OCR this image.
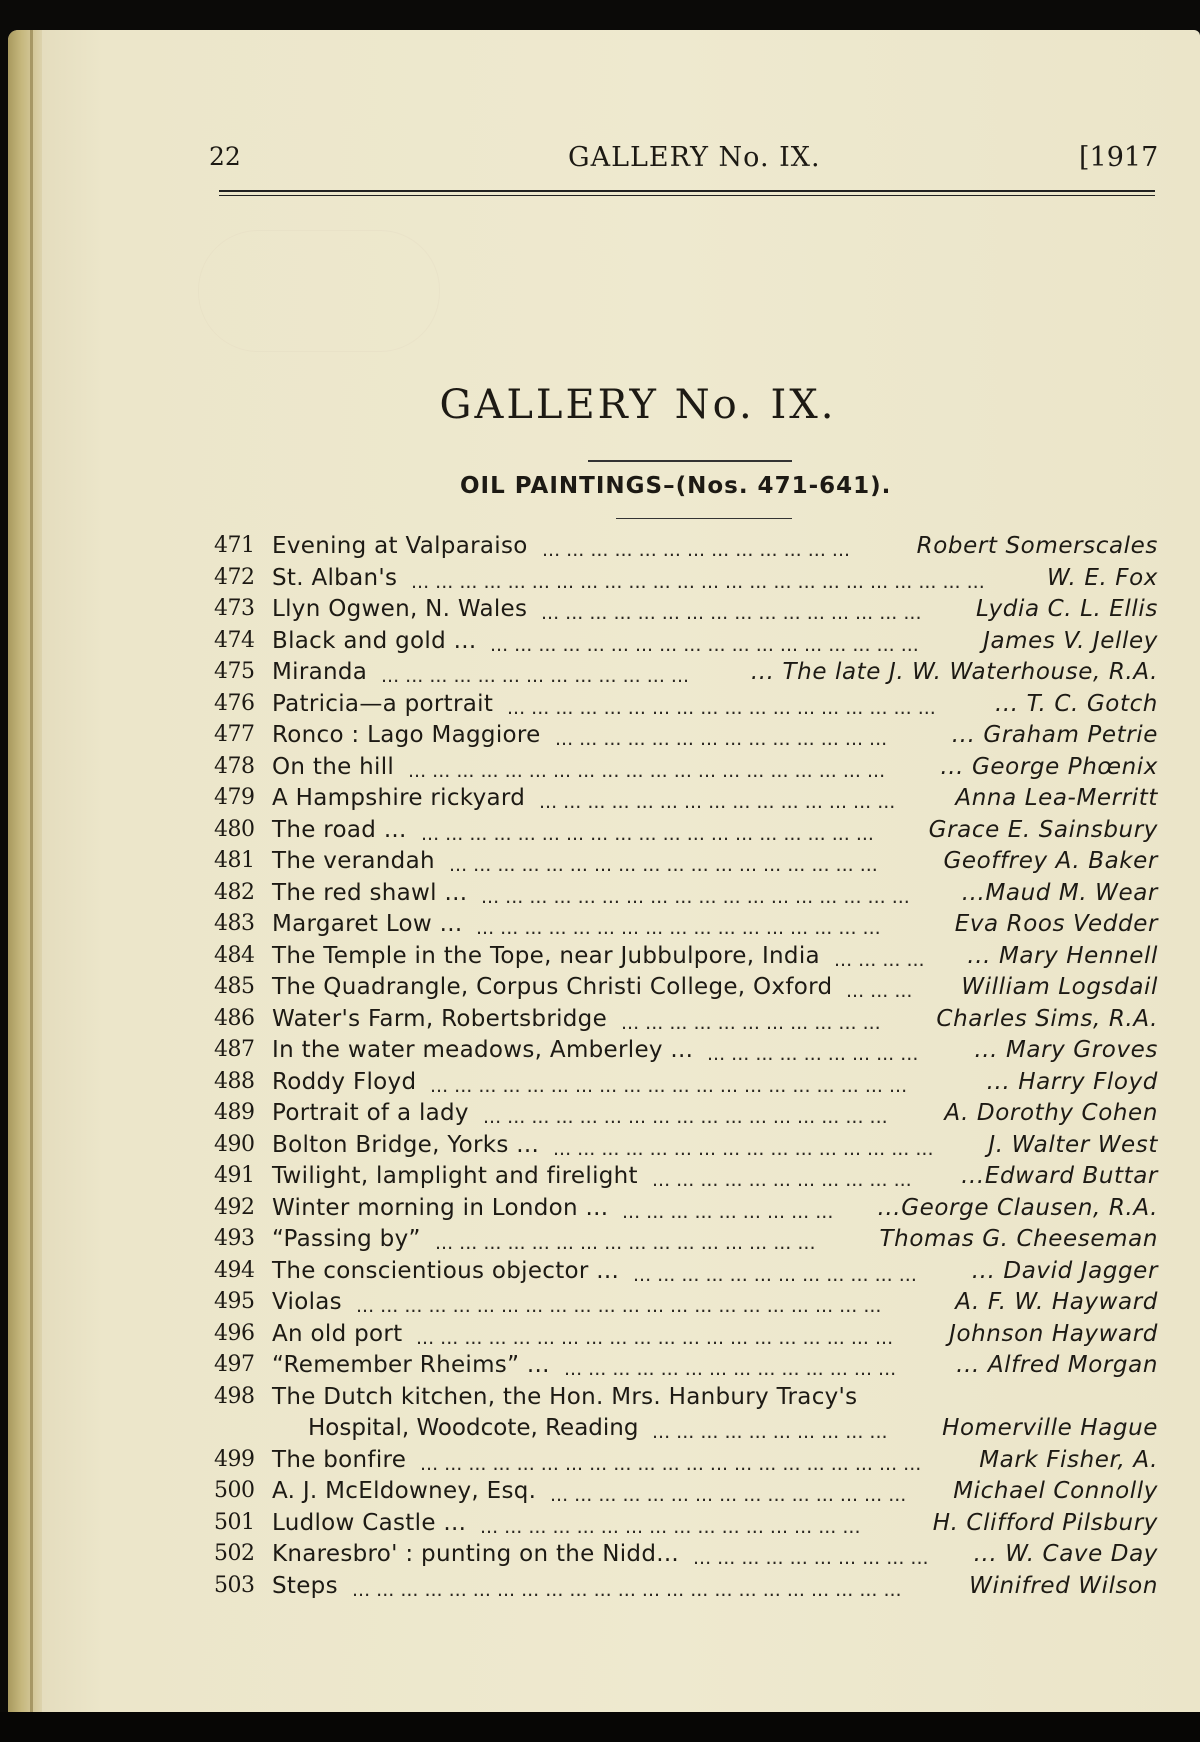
22	GALLERY No. IX.	[1917
GALLERY No. IX.
OIL PAINTINGS–(Nos. 471-641).
471 Evening at Valparaiso	Robert Somerscales
... ... ... ... ... ... ... ... ... ... ... ... ...
472 St. Alban's	W. E. Fox
... ... ... ... ... ... ... ... ... ... ... ... ... ... ... ... ... ... ... ... ... ... ... ...
473 Llyn Ogwen, N. Wales	Lydia C. L. Ellis
... ... ... ... ... ... ... ... ... ... ... ... ... ... ... ...
474 Black and gold ...	James V. Jelley
... ... ... ... ... ... ... ... ... ... ... ... ... ... ... ... ... ...
475 Miranda	... The late J. W. Waterhouse, R.A.
... ... ... ... ... ... ... ... ... ... ... ... ...
476 Patricia—a portrait	... T. C. Gotch
... ... ... ... ... ... ... ... ... ... ... ... ... ... ... ... ... ...
477 Ronco : Lago Maggiore	... Graham Petrie
... ... ... ... ... ... ... ... ... ... ... ... ... ...
478 On the hill	... George Phœnix
... ... ... ... ... ... ... ... ... ... ... ... ... ... ... ... ... ... ... ...
479 A Hampshire rickyard	Anna Lea-Merritt
... ... ... ... ... ... ... ... ... ... ... ... ... ... ...
480 The road ...	Grace E. Sainsbury
... ... ... ... ... ... ... ... ... ... ... ... ... ... ... ... ... ... ...
481 The verandah	Geoffrey A. Baker
... ... ... ... ... ... ... ... ... ... ... ... ... ... ... ... ... ...
482 The red shawl ...	...Maud M. Wear
... ... ... ... ... ... ... ... ... ... ... ... ... ... ... ... ... ...
483 Margaret Low ...	Eva Roos Vedder
... ... ... ... ... ... ... ... ... ... ... ... ... ... ... ... ...
484 The Temple in the Tope, near Jubbulpore, India	... Mary Hennell
... ... ... ...
485 The Quadrangle, Corpus Christi College, Oxford	William Logsdail
... ... ...
486 Water's Farm, Robertsbridge	Charles Sims, R.A.
... ... ... ... ... ... ... ... ... ... ...
487 In the water meadows, Amberley ...	... Mary Groves
... ... ... ... ... ... ... ... ...
488 Roddy Floyd	... Harry Floyd
... ... ... ... ... ... ... ... ... ... ... ... ... ... ... ... ... ... ... ...
489 Portrait of a lady	A. Dorothy Cohen
... ... ... ... ... ... ... ... ... ... ... ... ... ... ... ... ...
490 Bolton Bridge, Yorks ...	J. Walter West
... ... ... ... ... ... ... ... ... ... ... ... ... ... ... ...
491 Twilight, lamplight and firelight	...Edward Buttar
... ... ... ... ... ... ... ... ... ... ...
492 Winter morning in London ...	...George Clausen, R.A.
... ... ... ... ... ... ... ... ...
493 “Passing by”	Thomas G. Cheeseman
... ... ... ... ... ... ... ... ... ... ... ... ... ... ... ...
494 The conscientious objector ...	... David Jagger
... ... ... ... ... ... ... ... ... ... ... ...
495 Violas	A. F. W. Hayward
... ... ... ... ... ... ... ... ... ... ... ... ... ... ... ... ... ... ... ... ... ...
496 An old port	Johnson Hayward
... ... ... ... ... ... ... ... ... ... ... ... ... ... ... ... ... ... ... ...
497 “Remember Rheims” ...	... Alfred Morgan
... ... ... ... ... ... ... ... ... ... ... ... ... ...
498 The Dutch kitchen, the Hon. Mrs. Hanbury Tracy's
Hospital, Woodcote, Reading	Homerville Hague
... ... ... ... ... ... ... ... ... ...
499 The bonfire	Mark Fisher, A.
... ... ... ... ... ... ... ... ... ... ... ... ... ... ... ... ... ... ... ... ...
500 A. J. McEldowney, Esq.	Michael Connolly
... ... ... ... ... ... ... ... ... ... ... ... ... ... ...
501 Ludlow Castle ...	H. Clifford Pilsbury
... ... ... ... ... ... ... ... ... ... ... ... ... ... ... ...
502 Knaresbro' : punting on the Nidd...	... W. Cave Day
... ... ... ... ... ... ... ... ... ...
503 Steps	Winifred Wilson
... ... ... ... ... ... ... ... ... ... ... ... ... ... ... ... ... ... ... ... ... ... ...
